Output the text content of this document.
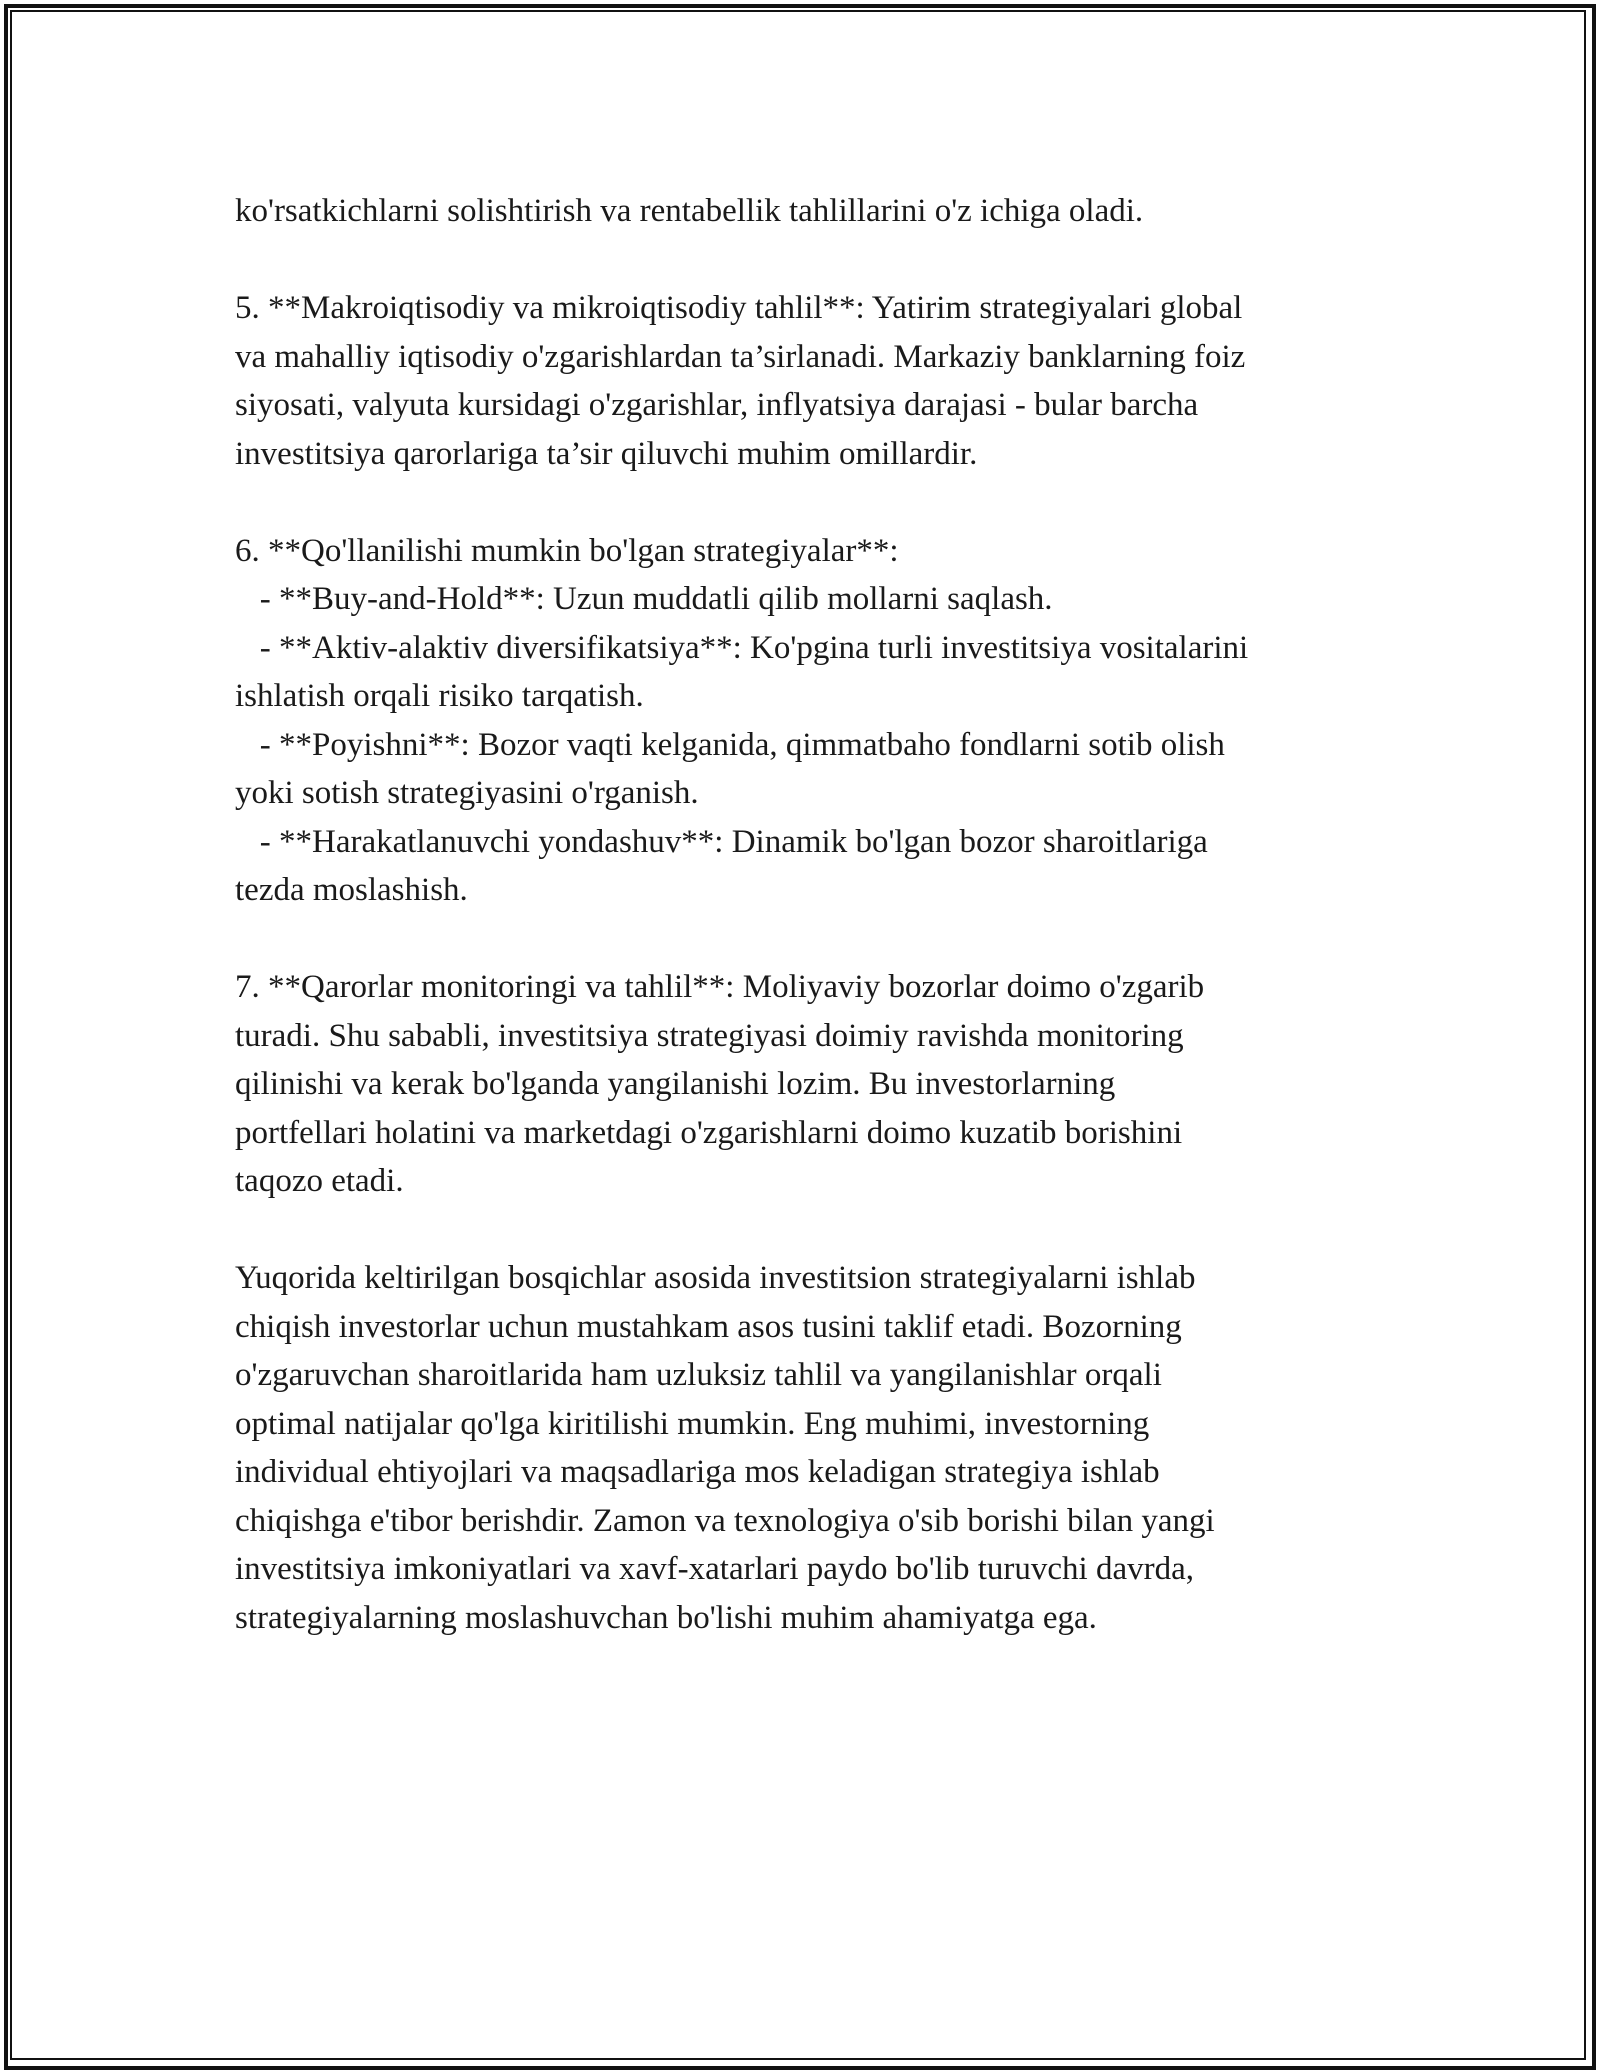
ko'rsatkichlarni solishtirish va rentabellik tahlillarini o'z ichiga oladi.
5. **Makroiqtisodiy va mikroiqtisodiy tahlil**: Yatirim strategiyalari global
va mahalliy iqtisodiy o'zgarishlardan ta’sirlanadi. Markaziy banklarning foiz
siyosati, valyuta kursidagi o'zgarishlar, inflyatsiya darajasi - bular barcha
investitsiya qarorlariga ta’sir qiluvchi muhim omillardir.
6. **Qo'llanilishi mumkin bo'lgan strategiyalar**:
- **Buy-and-Hold**: Uzun muddatli qilib mollarni saqlash.
- **Aktiv-alaktiv diversifikatsiya**: Ko'pgina turli investitsiya vositalarini
ishlatish orqali risiko tarqatish.
- **Poyishni**: Bozor vaqti kelganida, qimmatbaho fondlarni sotib olish
yoki sotish strategiyasini o'rganish.
- **Harakatlanuvchi yondashuv**: Dinamik bo'lgan bozor sharoitlariga
tezda moslashish.
7. **Qarorlar monitoringi va tahlil**: Moliyaviy bozorlar doimo o'zgarib
turadi. Shu sababli, investitsiya strategiyasi doimiy ravishda monitoring
qilinishi va kerak bo'lganda yangilanishi lozim. Bu investorlarning
portfellari holatini va marketdagi o'zgarishlarni doimo kuzatib borishini
taqozo etadi.
Yuqorida keltirilgan bosqichlar asosida investitsion strategiyalarni ishlab
chiqish investorlar uchun mustahkam asos tusini taklif etadi. Bozorning
o'zgaruvchan sharoitlarida ham uzluksiz tahlil va yangilanishlar orqali
optimal natijalar qo'lga kiritilishi mumkin. Eng muhimi, investorning
individual ehtiyojlari va maqsadlariga mos keladigan strategiya ishlab
chiqishga e'tibor berishdir. Zamon va texnologiya o'sib borishi bilan yangi
investitsiya imkoniyatlari va xavf-xatarlari paydo bo'lib turuvchi davrda,
strategiyalarning moslashuvchan bo'lishi muhim ahamiyatga ega.
